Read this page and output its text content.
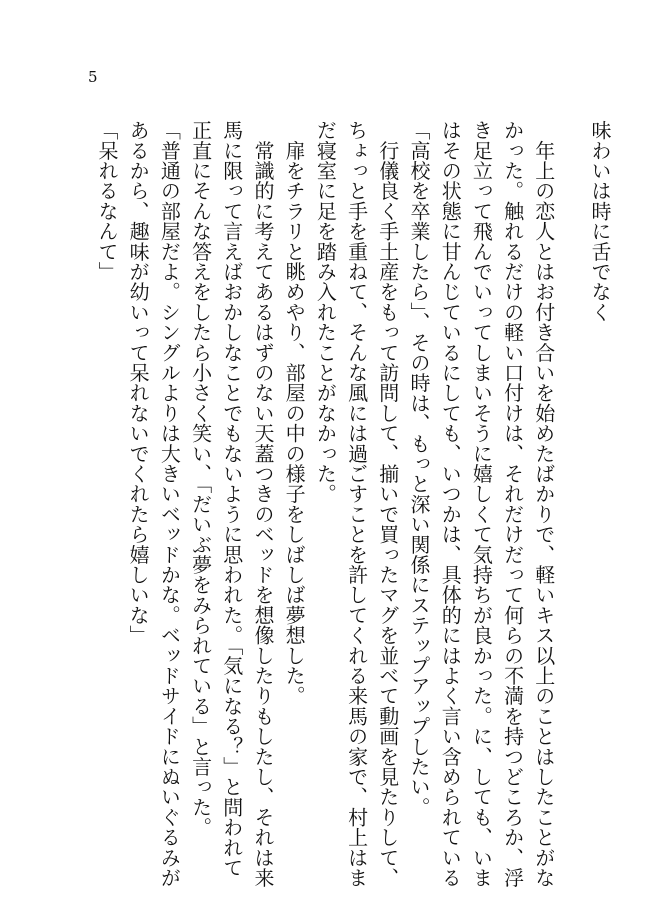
5
味わいは時に舌でなく
　年上の恋人とはお付き合いを始めたばかりで、軽いキス以上のことはしたことがな
かった。触れるだけの軽い口付けは、それだけだって何らの不満を持つどころか、浮
き足立って飛んでいってしまいそうに嬉しくて気持ちが良かった。に、しても、いま
はその状態に甘んじているにしても、いつかは、具体的にはよく言い含められている
「高校を卒業したら」、その時は、もっと深い関係にステップアップしたい。
　行儀良く手土産をもって訪問して、揃いで買ったマグを並べて動画を見たりして、
ちょっと手を重ねて、そんな風には過ごすことを許してくれる来馬の家で、村上はま
だ寝室に足を踏み入れたことがなかった。
　扉をチラリと眺めやり、部屋の中の様子をしばしば夢想した。
　常識的に考えてあるはずのない天蓋つきのベッドを想像したりもしたし、それは来
馬に限って言えばおかしなことでもないように思われた。「気になる？」と問われて
正直にそんな答えをしたら小さく笑い、「だいぶ夢をみられている」と言った。
「普通の部屋だよ。シングルよりは大きいベッドかな。ベッドサイドにぬいぐるみが
あるから、趣味が幼いって呆れないでくれたら嬉しいな」
「呆れるなんて」
